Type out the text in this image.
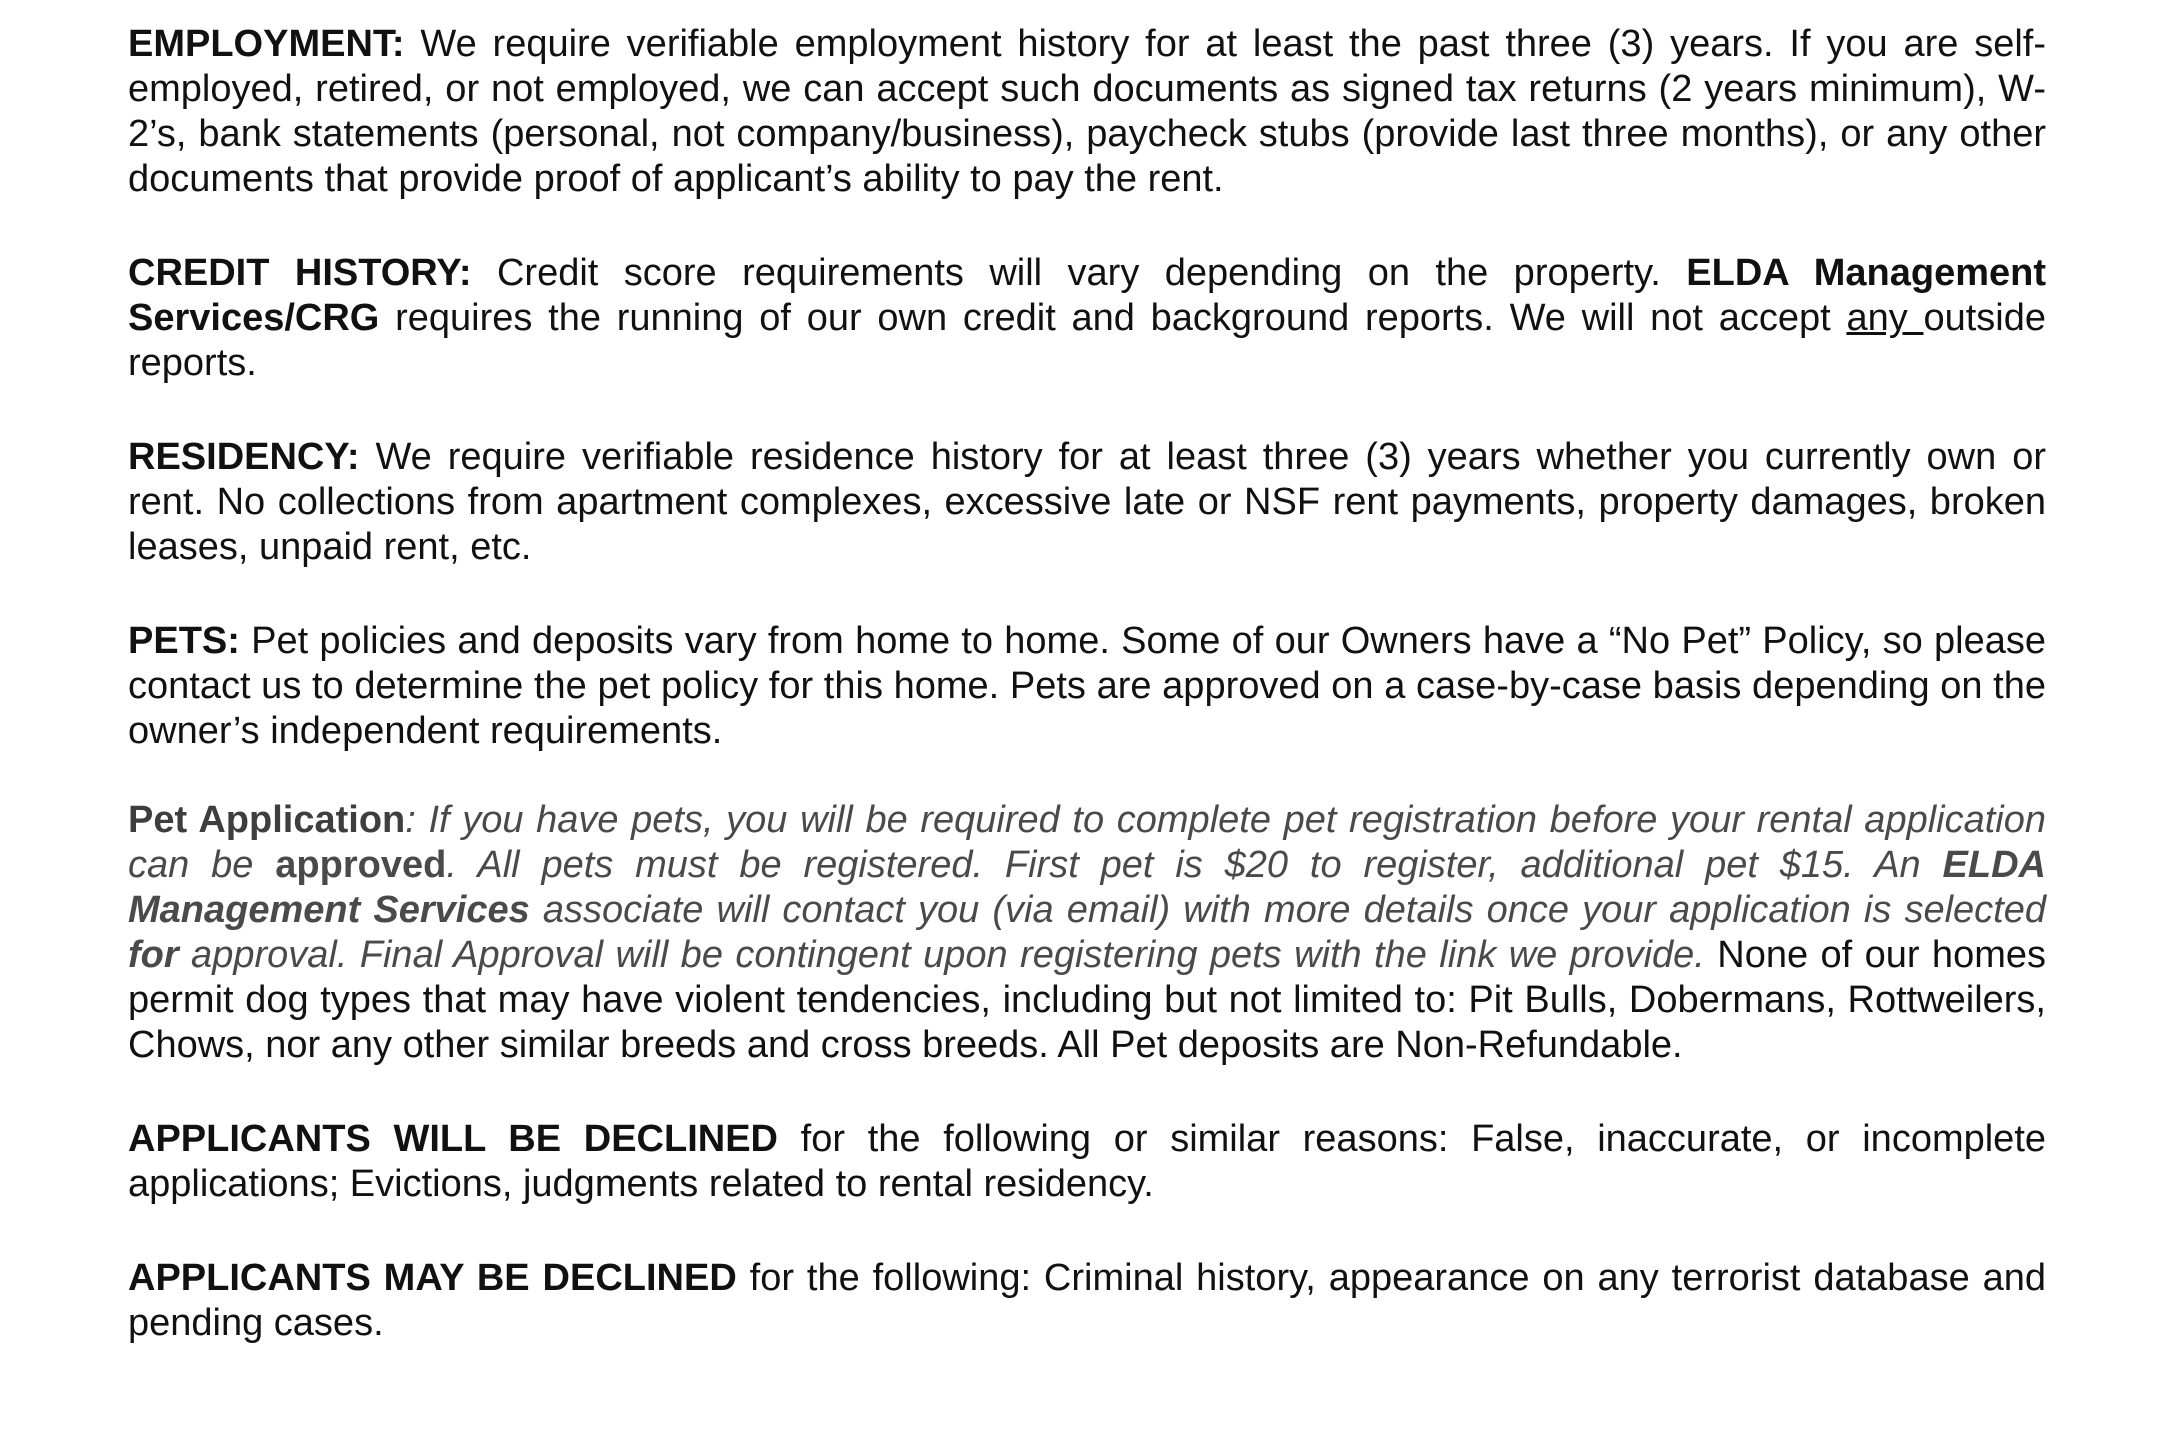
EMPLOYMENT: We require verifiable employment history for at least the past three (3) years. If you are self-employed, retired, or not employed, we can accept such documents as signed tax returns (2 years minimum), W-2’s, bank statements (personal, not company/business), paycheck stubs (provide last three months), or any other documents that provide proof of applicant’s ability to pay the rent.

CREDIT HISTORY: Credit score requirements will vary depending on the property. ELDA Management Services/CRG requires the running of our own credit and background reports. We will not accept any outside reports.

RESIDENCY: We require verifiable residence history for at least three (3) years whether you currently own or rent. No collections from apartment complexes, excessive late or NSF rent payments, property damages, broken leases, unpaid rent, etc.

PETS: Pet policies and deposits vary from home to home. Some of our Owners have a “No Pet” Policy, so please contact us to determine the pet policy for this home. Pets are approved on a case-by-case basis depending on the owner’s independent requirements.

Pet Application: If you have pets, you will be required to complete pet registration before your rental application can be approved. All pets must be registered. First pet is $20 to register, additional pet $15. An ELDA Management Services associate will contact you (via email) with more details once your application is selected for approval. Final Approval will be contingent upon registering pets with the link we provide. None of our homes permit dog types that may have violent tendencies, including but not limited to: Pit Bulls, Dobermans, Rottweilers, Chows, nor any other similar breeds and cross breeds. All Pet deposits are Non-Refundable.

APPLICANTS WILL BE DECLINED for the following or similar reasons: False, inaccurate, or incomplete applications; Evictions, judgments related to rental residency.

APPLICANTS MAY BE DECLINED for the following: Criminal history, appearance on any terrorist database and pending cases.
